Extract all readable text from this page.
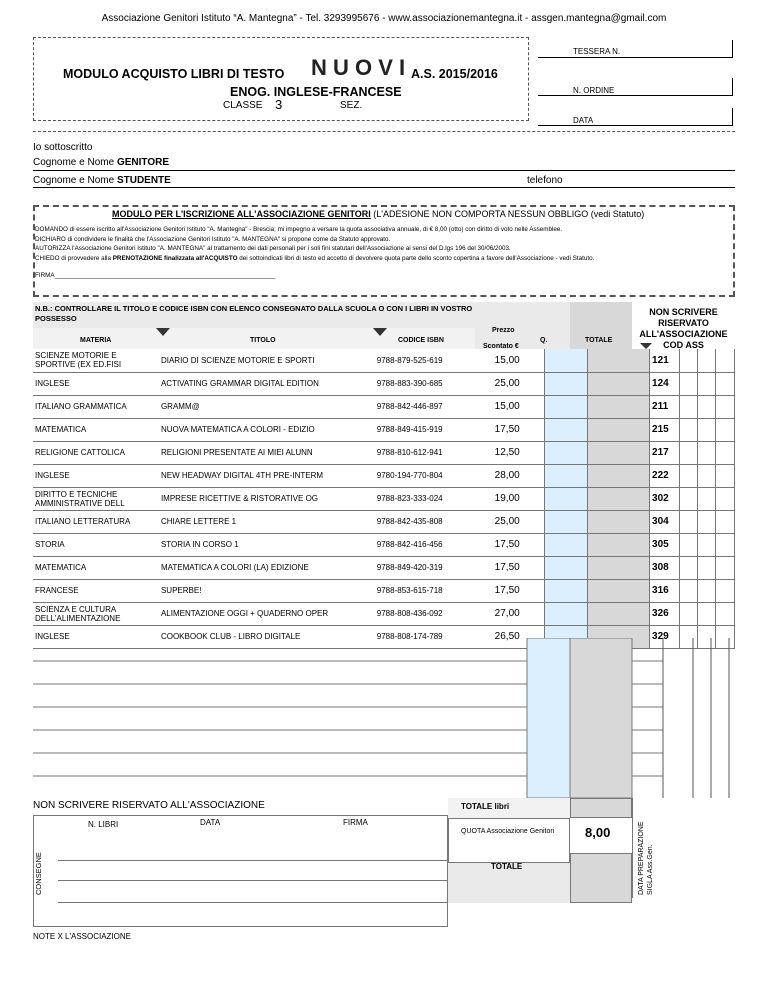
Associazione Genitori Istituto “A. Mantegna” - Tel. 3293995676 - www.associazionemantegna.it - assgen.mantegna@gmail.com
MODULO ACQUISTO LIBRI DI TESTO N U O V I A.S. 2015/2016
ENOG. INGLESE-FRANCESE
CLASSE 3	SEZ.
TESSERA N.
N. ORDINE
DATA
Io sottoscritto
Cognome e Nome GENITORE
Cognome e Nome STUDENTE	telefono
MODULO PER L'ISCRIZIONE ALL'ASSOCIAZIONE GENITORI (L'ADESIONE NON COMPORTA NESSUN OBBLIGO (vedi Statuto)
DOMANDO di essere iscritto all'Associazione Genitori Istituto "A. Mantegna" - Brescia; mi impegno a versare la quota associativa annuale, di € 8,00 (otto) con diritto di voto nelle Assemblee.
DICHIARO di condividere le finalità che l'Associazione Genitori Istituto "A. MANTEGNA" si propone come da Statuto approvato.
AUTORIZZA l'Associazione Genitori Istituto "A. MANTEGNA" al trattamento dei dati personali per i soli fini statutari dell'Associazione ai sensi del D.lgs 196 del 30/06/2003.
CHIEDO di provvedere alla PRENOTAZIONE finalizzata all'ACQUISTO dei sottoindicati libri di testo ed accetto di devolvere quota parte dello sconto copertina a favore dell'Associazione - vedi Statuto.
FIRMA_______________________________________________________________
N.B.: CONTROLLARE IL TITOLO E CODICE ISBN CON ELENCO CONSEGNATO DALLA SCUOLA O CON I LIBRI IN VOSTRO POSSESSO
MATERIA	TITOLO	CODICE ISBN
Prezzo
Scontato €
Q.	TOTALE
NON SCRIVERE RISERVATO ALL'ASSOCIAZIONE COD ASS
SCIENZE MOTORIE E SPORTIVE (EX ED.FISI	DIARIO DI SCIENZE MOTORIE E SPORTI	9788-879-525-619	15,00			121			
INGLESE	ACTIVATING GRAMMAR DIGITAL EDITION	9788-883-390-685	25,00			124			
ITALIANO GRAMMATICA	GRAMM@	9788-842-446-897	15,00			211			
MATEMATICA	NUOVA MATEMATICA A COLORI - EDIZIO	9788-849-415-919	17,50			215			
RELIGIONE CATTOLICA	RELIGIONI PRESENTATE AI MIEI ALUNN	9788-810-612-941	12,50			217			
INGLESE	NEW HEADWAY DIGITAL 4TH PRE-INTERM	9780-194-770-804	28,00			222			
DIRITTO E TECNICHE AMMINISTRATIVE DELL	IMPRESE RICETTIVE & RISTORATIVE OG	9788-823-333-024	19,00			302			
ITALIANO LETTERATURA	CHIARE LETTERE 1	9788-842-435-808	25,00			304			
STORIA	STORIA IN CORSO 1	9788-842-416-456	17,50			305			
MATEMATICA	MATEMATICA A COLORI (LA) EDIZIONE	9788-849-420-319	17,50			308			
FRANCESE	SUPERBE!	9788-853-615-718	17,50			316			
SCIENZA E CULTURA DELL'ALIMENTAZIONE	ALIMENTAZIONE OGGI + QUADERNO OPER	9788-808-436-092	27,00			326			
INGLESE	COOKBOOK CLUB - LIBRO DIGITALE	9788-808-174-789	26,50			329			
NON SCRIVERE RISERVATO ALL'ASSOCIAZIONE
N. LIBRI	DATA	FIRMA
CONSEGNE
TOTALE libri
QUOTA Associazione Genitori 8,00
TOTALE	DATA PREPARAZIONE SIGLA Ass.Gen.
NOTE X L'ASSOCIAZIONE
